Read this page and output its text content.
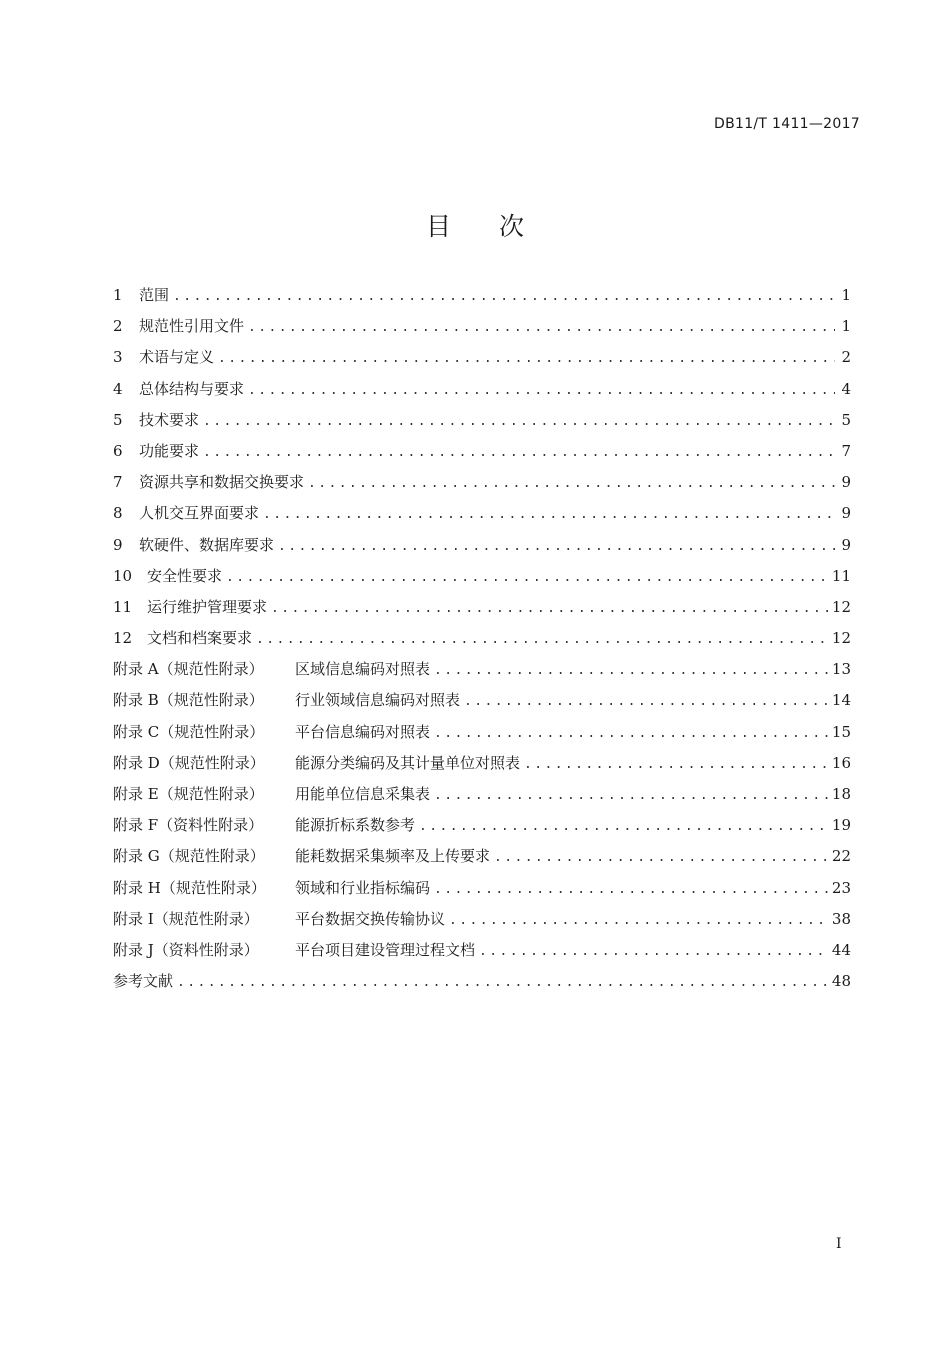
DB11/T 1411—2017
目次
1	范围 .....	1
2	规范性引用文件 .....	1
3	术语与定义 .....	2
4	总体结构与要求 .....	4
5	技术要求 .....	5
6	功能要求 .....	7
7	资源共享和数据交换要求 .....	9
8	人机交互界面要求 .....	9
9	软硬件、数据库要求 .....	9
10 安全性要求 .....	11
11 运行维护管理要求 .....	12
12 文档和档案要求 .....	12
附录 A（规范性附录）	区域信息编码对照表 .....	13
附录 B（规范性附录）	行业领域信息编码对照表 .....	14
附录 C（规范性附录）	平台信息编码对照表 .....	15
附录 D（规范性附录）	能源分类编码及其计量单位对照表 .....	16
附录 E（规范性附录）	用能单位信息采集表 .....	18
附录 F（资料性附录）	能源折标系数参考 .....	19
附录 G（规范性附录）	能耗数据采集频率及上传要求 .....	22
附录 H（规范性附录）	领域和行业指标编码 .....	23
附录 I（规范性附录）	平台数据交换传输协议 .....	38
附录 J（资料性附录）	平台项目建设管理过程文档 .....	44
参考文献 .....	48
I
